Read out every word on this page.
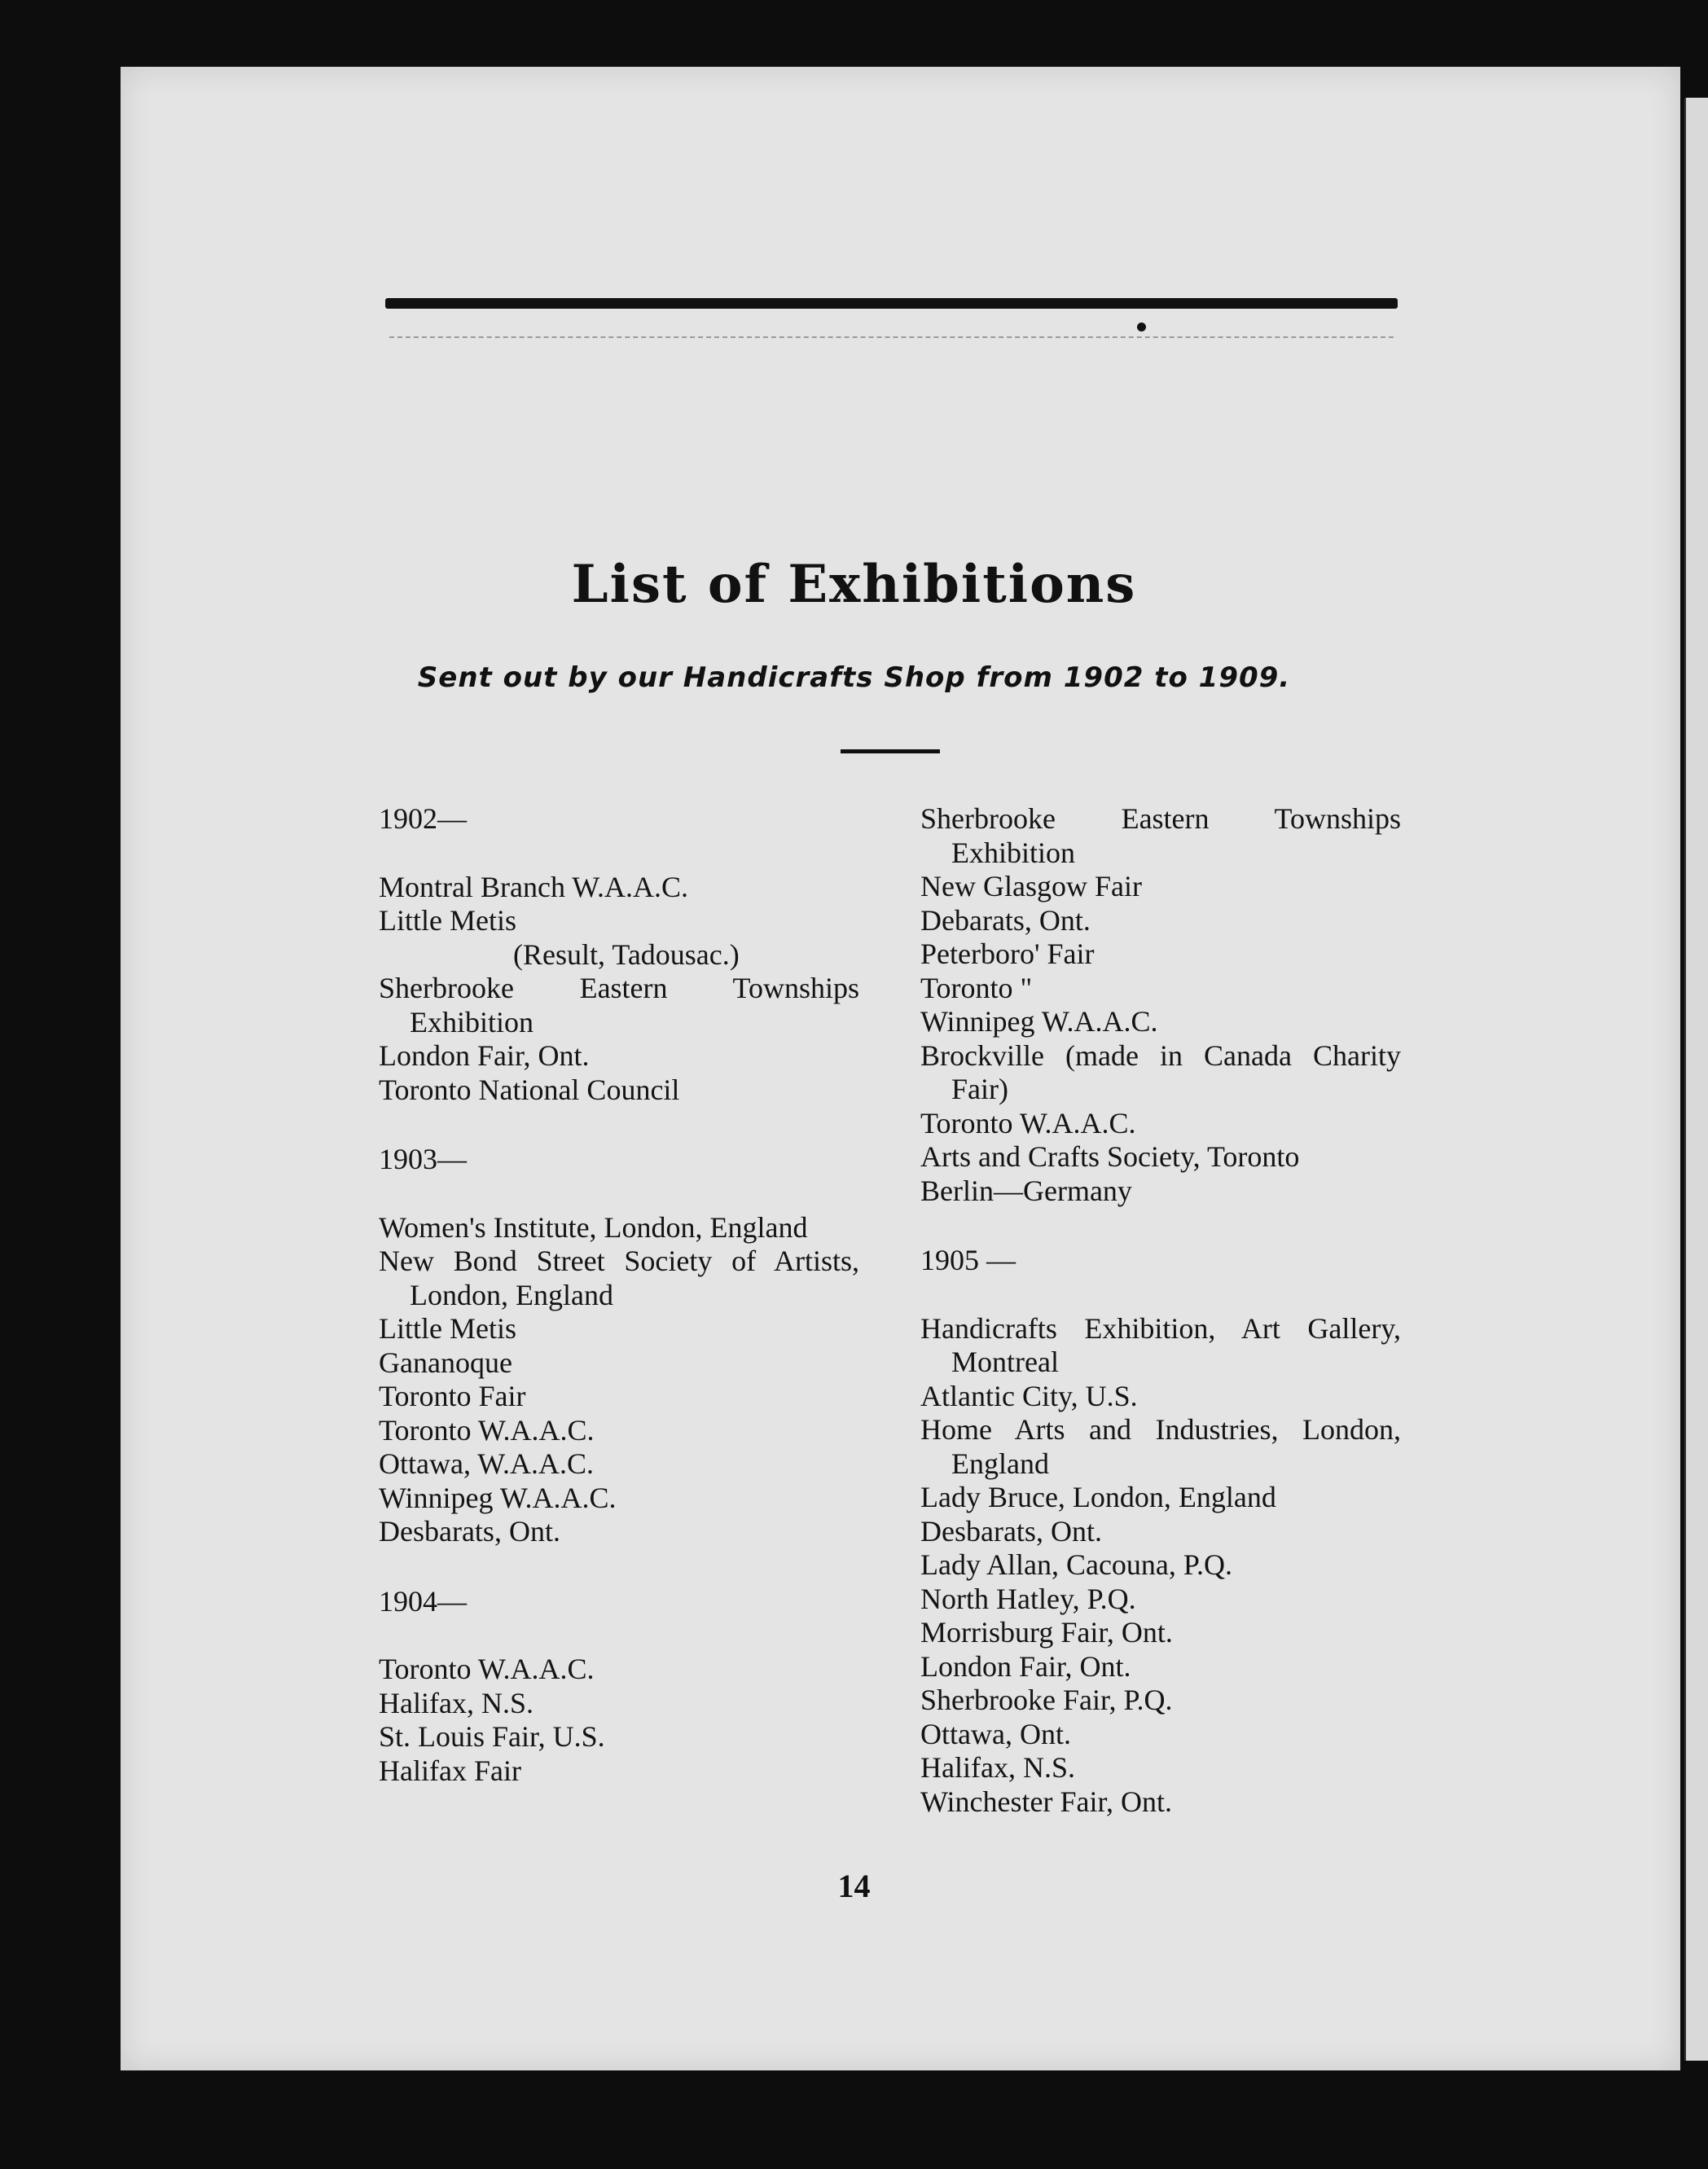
List of Exhibitions
Sent out by our Handicrafts Shop from 1902 to 1909.
1902—
Montral Branch W.A.A.C.
Little Metis
(Result, Tadousac.)
Sherbrooke Eastern Townships Exhibition
London Fair, Ont.
Toronto National Council
1903—
Women's Institute, London, England
New Bond Street Society of Artists, London, England
Little Metis
Gananoque
Toronto Fair
Toronto W.A.A.C.
Ottawa, W.A.A.C.
Winnipeg W.A.A.C.
Desbarats, Ont.
1904—
Toronto W.A.A.C.
Halifax, N.S.
St. Louis Fair, U.S.
Halifax Fair
Sherbrooke Eastern Townships Exhibition
New Glasgow Fair
Debarats, Ont.
Peterboro' Fair
Toronto "
Winnipeg W.A.A.C.
Brockville (made in Canada Charity Fair)
Toronto W.A.A.C.
Arts and Crafts Society, Toronto
Berlin—Germany
1905 —
Handicrafts Exhibition, Art Gallery, Montreal
Atlantic City, U.S.
Home Arts and Industries, London, England
Lady Bruce, London, England
Desbarats, Ont.
Lady Allan, Cacouna, P.Q.
North Hatley, P.Q.
Morrisburg Fair, Ont.
London Fair, Ont.
Sherbrooke Fair, P.Q.
Ottawa, Ont.
Halifax, N.S.
Winchester Fair, Ont.
14
